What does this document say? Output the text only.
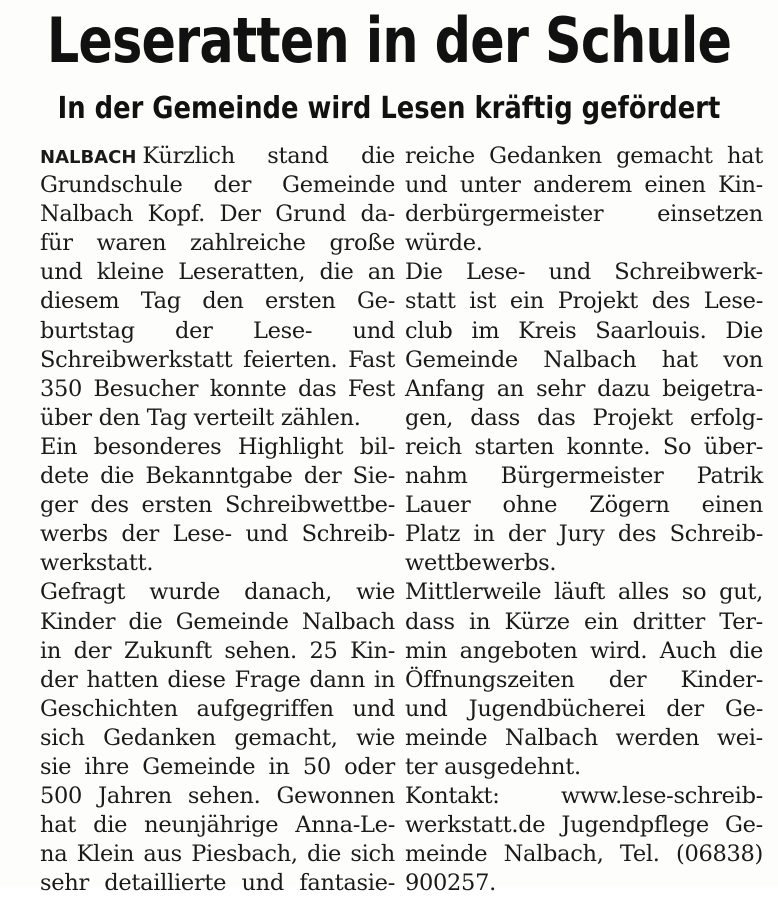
Leseratten in der Schule
In der Gemeinde wird Lesen kräftig gefördert
NALBACH Kürzlich stand die
Grundschule der Gemeinde
Nalbach Kopf. Der Grund da-
für waren zahlreiche große
und kleine Leseratten, die an
diesem Tag den ersten Ge-
burtstag der Lese- und
Schreibwerkstatt feierten. Fast
350 Besucher konnte das Fest
über den Tag verteilt zählen.
Ein besonderes Highlight bil-
dete die Bekanntgabe der Sie-
ger des ersten Schreibwettbe-
werbs der Lese- und Schreib-
werkstatt.
Gefragt wurde danach, wie
Kinder die Gemeinde Nalbach
in der Zukunft sehen. 25 Kin-
der hatten diese Frage dann in
Geschichten aufgegriffen und
sich Gedanken gemacht, wie
sie ihre Gemeinde in 50 oder
500 Jahren sehen. Gewonnen
hat die neunjährige Anna-Le-
na Klein aus Piesbach, die sich
sehr detaillierte und fantasie-
reiche Gedanken gemacht hat
und unter anderem einen Kin-
derbürgermeister einsetzen
würde.
Die Lese- und Schreibwerk-
statt ist ein Projekt des Lese-
club im Kreis Saarlouis. Die
Gemeinde Nalbach hat von
Anfang an sehr dazu beigetra-
gen, dass das Projekt erfolg-
reich starten konnte. So über-
nahm Bürgermeister Patrik
Lauer ohne Zögern einen
Platz in der Jury des Schreib-
wettbewerbs.
Mittlerweile läuft alles so gut,
dass in Kürze ein dritter Ter-
min angeboten wird. Auch die
Öffnungszeiten der Kinder-
und Jugendbücherei der Ge-
meinde Nalbach werden wei-
ter ausgedehnt.
Kontakt: www.lese-schreib-
werkstatt.de Jugendpflege Ge-
meinde Nalbach, Tel. (06838)
900257.
